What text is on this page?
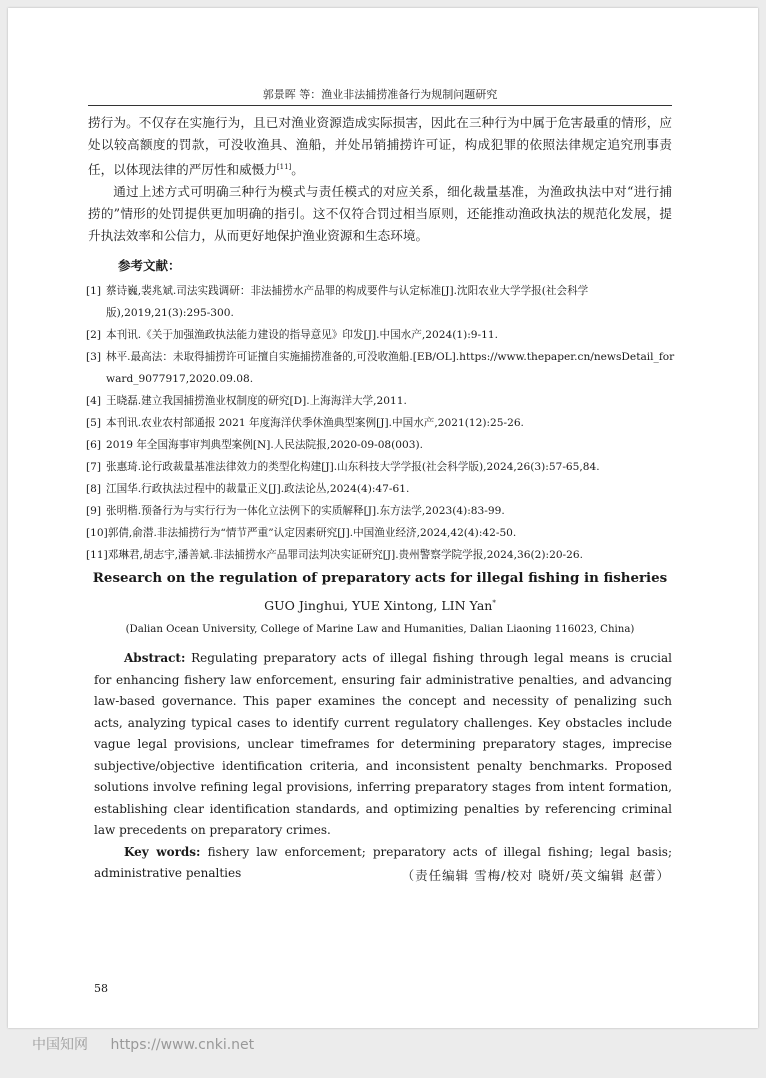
郭景晖 等：渔业非法捕捞准备行为规制问题研究

捞行为。不仅存在实施行为，且已对渔业资源造成实际损害，因此在三种行为中属于危害最重的情形，应处以较高额度的罚款，可没收渔具、渔船，并处吊销捕捞许可证，构成犯罪的依照法律规定追究刑事责任，以体现法律的严厉性和威慑力[11]。

通过上述方式可明确三种行为模式与责任模式的对应关系，细化裁量基准，为渔政执法中对“进行捕捞的”情形的处罚提供更加明确的指引。这不仅符合罚过相当原则，还能推动渔政执法的规范化发展，提升执法效率和公信力，从而更好地保护渔业资源和生态环境。

参考文献：
[1] 蔡诗巍,裴兆斌.司法实践调研：非法捕捞水产品罪的构成要件与认定标准[J].沈阳农业大学学报(社会科学版),2019,21(3):295-300.
[2] 本刊讯.《关于加强渔政执法能力建设的指导意见》印发[J].中国水产,2024(1):9-11.
[3] 林平.最高法：未取得捕捞许可证擅自实施捕捞准备的,可没收渔船.[EB/OL].https://www.thepaper.cn/newsDetail_forward_9077917,2020.09.08.
[4] 王晓磊.建立我国捕捞渔业权制度的研究[D].上海海洋大学,2011.
[5] 本刊讯.农业农村部通报 2021 年度海洋伏季休渔典型案例[J].中国水产,2021(12):25-26.
[6] 2019 年全国海事审判典型案例[N].人民法院报,2020-09-08(003).
[7] 张惠琦.论行政裁量基准法律效力的类型化构建[J].山东科技大学学报(社会科学版),2024,26(3):57-65,84.
[8] 江国华.行政执法过程中的裁量正义[J].政法论丛,2024(4):47-61.
[9] 张明楷.预备行为与实行行为一体化立法例下的实质解释[J].东方法学,2023(4):83-99.
[10] 郭倩,俞潜.非法捕捞行为“情节严重”认定因素研究[J].中国渔业经济,2024,42(4):42-50.
[11] 邓琳君,胡志宇,潘善斌.非法捕捞水产品罪司法判决实证研究[J].贵州警察学院学报,2024,36(2):20-26.
Research on the regulation of preparatory acts for illegal fishing in fisheries
GUO Jinghui, YUE Xintong, LIN Yan*
(Dalian Ocean University, College of Marine Law and Humanities, Dalian Liaoning 116023, China)

Abstract: Regulating preparatory acts of illegal fishing through legal means is crucial for enhancing fishery law enforcement, ensuring fair administrative penalties, and advancing law-based governance. This paper examines the concept and necessity of penalizing such acts, analyzing typical cases to identify current regulatory challenges. Key obstacles include vague legal provisions, unclear timeframes for determining preparatory stages, imprecise subjective/objective identification criteria, and inconsistent penalty benchmarks. Proposed solutions involve refining legal provisions, inferring preparatory stages from intent formation, establishing clear identification standards, and optimizing penalties by referencing criminal law precedents on preparatory crimes.

Key words: fishery law enforcement; preparatory acts of illegal fishing; legal basis; administrative penalties	（责任编辑 雪梅/校对 晓妍/英文编辑 赵蕾）
58
中国知网 https://www.cnki.net
